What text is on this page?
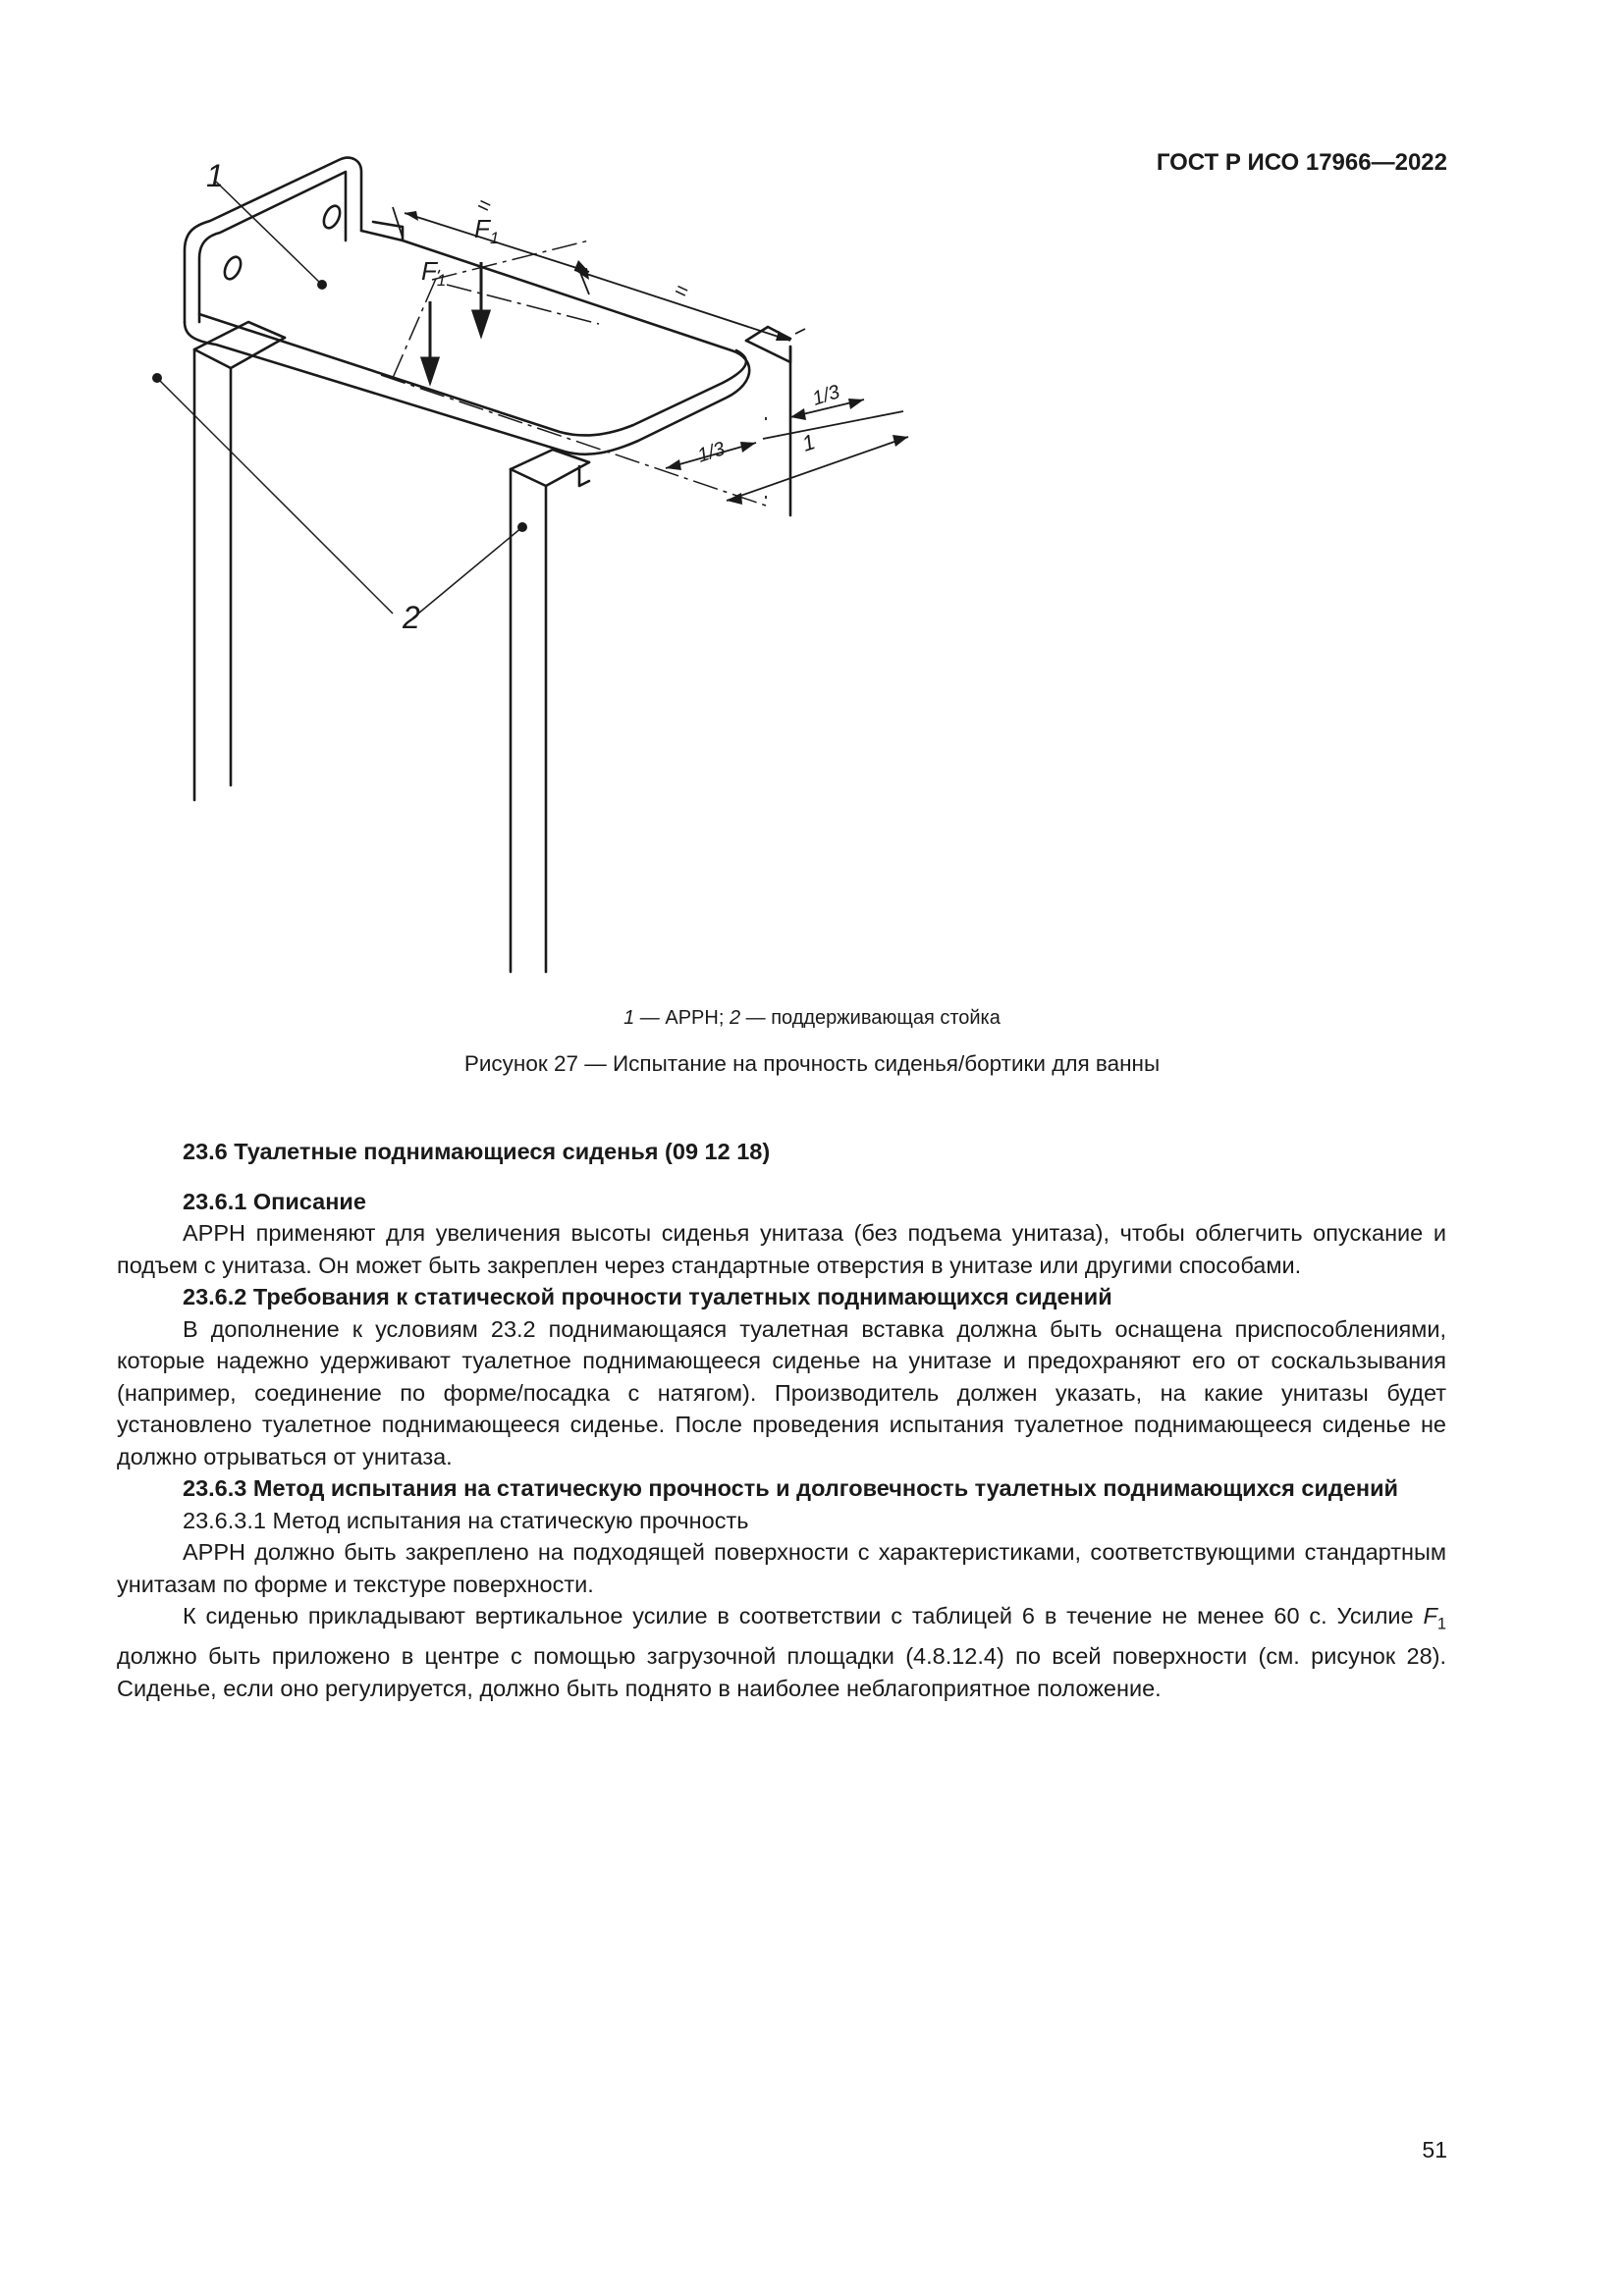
ГОСТ Р ИСО 17966—2022
1
2
$F_1$
$F_1$
=
=
1/3
1/3
1
1 — АРРН; 2 — поддерживающая стойка
Рисунок 27 — Испытание на прочность сиденья/бортики для ванны

23.6 Туалетные поднимающиеся сиденья (09 12 18)

23.6.1 Описание

АРРН применяют для увеличения высоты сиденья унитаза (без подъема унитаза), чтобы облегчить опускание и подъем с унитаза. Он может быть закреплен через стандартные отверстия в унитазе или другими способами.

23.6.2 Требования к статической прочности туалетных поднимающихся сидений

В дополнение к условиям 23.2 поднимающаяся туалетная вставка должна быть оснащена приспособлениями, которые надежно удерживают туалетное поднимающееся сиденье на унитазе и предохраняют его от соскальзывания (например, соединение по форме/посадка с натягом). Производитель должен указать, на какие унитазы будет установлено туалетное поднимающееся сиденье. После проведения испытания туалетное поднимающееся сиденье не должно отрываться от унитаза.

23.6.3 Метод испытания на статическую прочность и долговечность туалетных поднимающихся сидений

23.6.3.1 Метод испытания на статическую прочность

АРРН должно быть закреплено на подходящей поверхности с характеристиками, соответствующими стандартным унитазам по форме и текстуре поверхности.

К сиденью прикладывают вертикальное усилие в соответствии с таблицей 6 в течение не менее 60 с. Усилие $F_1$ должно быть приложено в центре с помощью загрузочной площадки (4.8.12.4) по всей поверхности (см. рисунок 28). Сиденье, если оно регулируется, должно быть поднято в наиболее неблагоприятное положение.

51
